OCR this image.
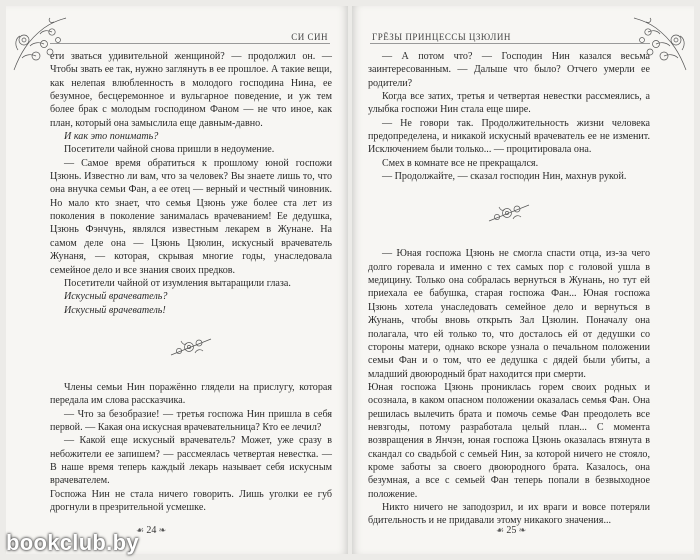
СИ СИН

ети зваться удивительной женщиной? — продолжил он. — Чтобы звать ее так, нужно заглянуть в ее прошлое. А такие вещи, как нелепая влюбленность в молодого господина Нина, ее безумное, бесцеремонное и вульгарное поведение, и уж тем более брак с молодым господином Фаном — не что иное, как план, который она замыслила еще давным-давно.

И как это понимать?

Посетители чайной снова пришли в недоумение.

— Самое время обратиться к прошлому юной госпожи Цзюнь. Известно ли вам, что за человек? Вы знаете лишь то, что она внучка семьи Фан, а ее отец — верный и честный чиновник. Но мало кто знает, что семья Цзюнь уже более ста лет из поколения в поколение занималась врачеванием! Ее дедушка, Цзюнь Фэнчунь, являлся известным лекарем в Жунане. На самом деле она — Цзюнь Цзюлин, искусный врачеватель Жунаня, — которая, скрывая многие годы, унаследовала семейное дело и все знания своих предков.

Посетители чайной от изумления вытаращили глаза.

Искусный врачеватель?

Искусный врачеватель!

Члены семьи Нин поражённо глядели на прислугу, которая передала им слова рассказчика.

— Что за безобразие! — третья госпожа Нин пришла в себя первой. — Какая она искусная врачевательница? Кто ее лечил?

— Какой еще искусный врачеватель? Может, уже сразу в небожители ее запишем? — рассмеялась четвертая невестка. — В наше время теперь каждый лекарь называет себя искусным врачевателем.

Госпожа Нин не стала ничего говорить. Лишь уголки ее губ дрогнули в презрительной усмешке.

☙ 24 ❧
ГРЁЗЫ ПРИНЦЕССЫ ЦЗЮЛИН

— А потом что? — Господин Нин казался весьма заинтересованным. — Дальше что было? Отчего умерли ее родители?

Когда все затих, третья и четвертая невестки рассмеялись, а улыбка госпожи Нин стала еще шире.

— Не говори так. Продолжительность жизни человека предопределена, и никакой искусный врачеватель ее не изменит. Исключением были только... — процитировала она.

Смех в комнате все не прекращался.

— Продолжайте, — сказал господин Нин, махнув рукой.

— Юная госпожа Цзюнь не смогла спасти отца, из-за чего долго горевала и именно с тех самых пор с головой ушла в медицину. Только она собралась вернуться в Жунань, но тут ей приехала ее бабушка, старая госпожа Фан... Юная госпожа Цзюнь хотела унаследовать семейное дело и вернуться в Жунань, чтобы вновь открыть Зал Цзюлин. Поначалу она полагала, что ей только то, что досталось ей от дедушки со стороны матери, однако вскоре узнала о печальном положении семьи Фан и о том, что ее дедушка с дядей были убиты, а младший двоюродный брат находится при смерти.

Юная госпожа Цзюнь прониклась горем своих родных и осознала, в каком опасном положении оказалась семья Фан. Она решилась вылечить брата и помочь семье Фан преодолеть все невзгоды, потому разработала целый план... С момента возвращения в Янчэн, юная госпожа Цзюнь оказалась втянута в скандал со свадьбой с семьей Нин, за которой ничего не стояло, кроме заботы за своего двоюродного брата. Казалось, она безумная, а все с семьей Фан теперь попали в безвыходное положение.

Никто ничего не заподозрил, и их враги и вовсе потеряли бдительность и не придавали этому никакого значения...

☙ 25 ❧
bookclub.by
